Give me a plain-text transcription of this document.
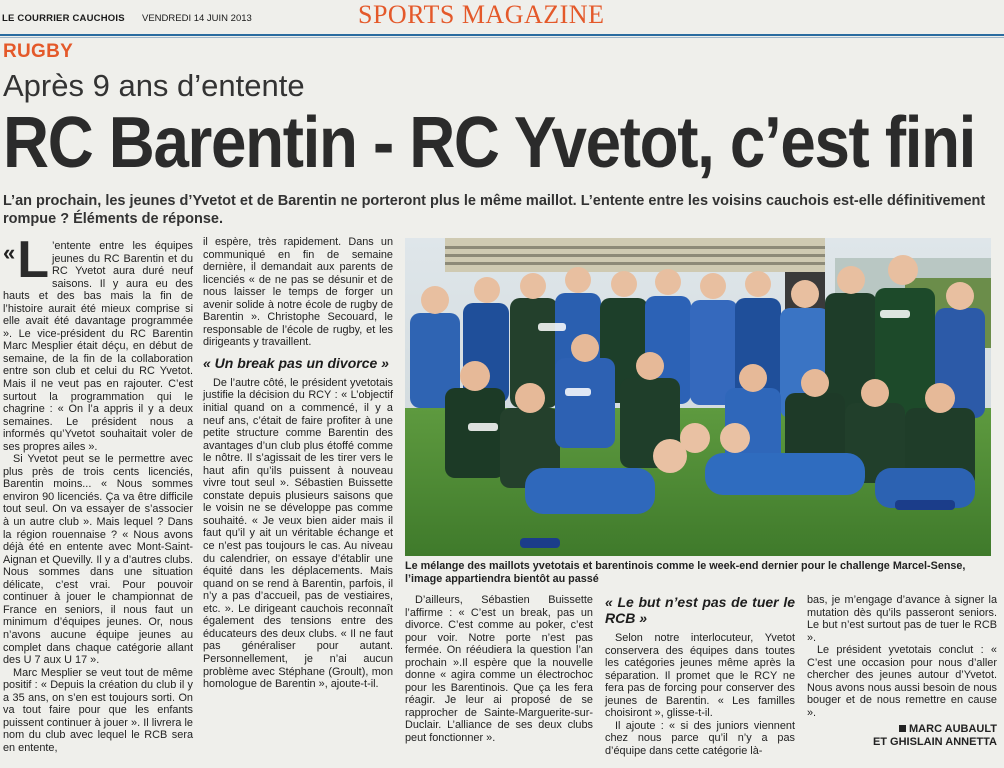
LE COURRIER CAUCHOIS VENDREDI 14 JUIN 2013	SPORTS MAGAZINE
RUGBY
Après 9 ans d’entente
RC Barentin - RC Yvetot, c’est fini
L’an prochain, les jeunes d’Yvetot et de Barentin ne porteront plus le même maillot. L’entente entre les voisins cauchois est-elle définitivement rompue ? Éléments de réponse.

« L ’entente entre les équipes jeunes du RC Barentin et du RC Yvetot aura duré neuf saisons. Il y aura eu des hauts et des bas mais la fin de l’histoire aurait été mieux comprise si elle avait été davantage programmée ». Le vice-président du RC Barentin Marc Mesplier était déçu, en début de semaine, de la fin de la collaboration entre son club et celui du RC Yvetot. Mais il ne veut pas en rajouter. C’est surtout la programmation qui le chagrine : « On l’a appris il y a deux semaines. Le président nous a informés qu’Yvetot souhaitait voler de ses propres ailes ».

Si Yvetot peut se le permettre avec plus près de trois cents licenciés, Barentin moins... « Nous sommes environ 90 licenciés. Ça va être difficile tout seul. On va essayer de s’associer à un autre club ». Mais lequel ? Dans la région rouennaise ? « Nous avons déjà été en entente avec Mont-Saint-Aignan et Quevilly. Il y a d’autres clubs. Nous sommes dans une situation délicate, c’est vrai. Pour pouvoir continuer à jouer le championnat de France en seniors, il nous faut un minimum d’équipes jeunes. Or, nous n’avons aucune équipe jeunes au complet dans chaque catégorie allant des U 7 aux U 17 ».

Marc Mesplier se veut tout de même positif : « Depuis la création du club il y a 35 ans, on s’en est toujours sorti. On va tout faire pour que les enfants puissent continuer à jouer ». Il livrera le nom du club avec lequel le RCB sera en entente,

il espère, très rapidement. Dans un communiqué en fin de semaine dernière, il demandait aux parents de licenciés « de ne pas se désunir et de nous laisser le temps de forger un avenir solide à notre école de rugby de Barentin ». Christophe Secouard, le responsable de l’école de rugby, et les dirigeants y travaillent.

« Un break pas un divorce »

De l’autre côté, le président yvetotais justifie la décision du RCY : « L’objectif initial quand on a commencé, il y a neuf ans, c’était de faire profiter à une petite structure comme Barentin des avantages d’un club plus étoffé comme le nôtre. Il s’agissait de les tirer vers le haut afin qu’ils puissent à nouveau vivre tout seul ». Sébastien Buissette constate depuis plusieurs saisons que le voisin ne se développe pas comme souhaité. « Je veux bien aider mais il faut qu’il y ait un véritable échange et ce n’est pas toujours le cas. Au niveau du calendrier, on essaye d’établir une équité dans les déplacements. Mais quand on se rend à Barentin, parfois, il n’y a pas d’accueil, pas de vestiaires, etc. ». Le dirigeant cauchois reconnaît également des tensions entre des éducateurs des deux clubs. « Il ne faut pas généraliser pour autant. Personnellement, je n’ai aucun problème avec Stéphane (Groult), mon homologue de Barentin », ajoute-t-il.

Le mélange des maillots yvetotais et barentinois comme le week-end dernier pour le challenge Marcel-Sense, l’image appartiendra bientôt au passé

D’ailleurs, Sébastien Buissette l’affirme : « C’est un break, pas un divorce. C’est comme au poker, c’est pour voir. Notre porte n’est pas fermée. On rééudiera la question l’an prochain ».Il espère que la nouvelle donne « agira comme un électrochoc pour les Barentinois. Que ça les fera réagir. Je leur ai proposé de se rapprocher de Sainte-Marguerite-sur-Duclair. L’alliance de ses deux clubs peut fonctionner ».

« Le but n’est pas de tuer le RCB »

Selon notre interlocuteur, Yvetot conservera des équipes dans toutes les catégories jeunes même après la séparation. Il promet que le RCY ne fera pas de forcing pour conserver des jeunes de Barentin. « Les familles choisiront », glisse-t-il.

Il ajoute : « si des juniors viennent chez nous parce qu’il n’y a pas d’équipe dans cette catégorie là-

bas, je m’engage d’avance à signer la mutation dès qu’ils passeront seniors. Le but n’est surtout pas de tuer le RCB ».

Le président yvetotais conclut : « C’est une occasion pour nous d’aller chercher des jeunes autour d’Yvetot. Nous avons nous aussi besoin de nous bouger et de nous remettre en cause ».

MARC AUBAULT
ET GHISLAIN ANNETTA
